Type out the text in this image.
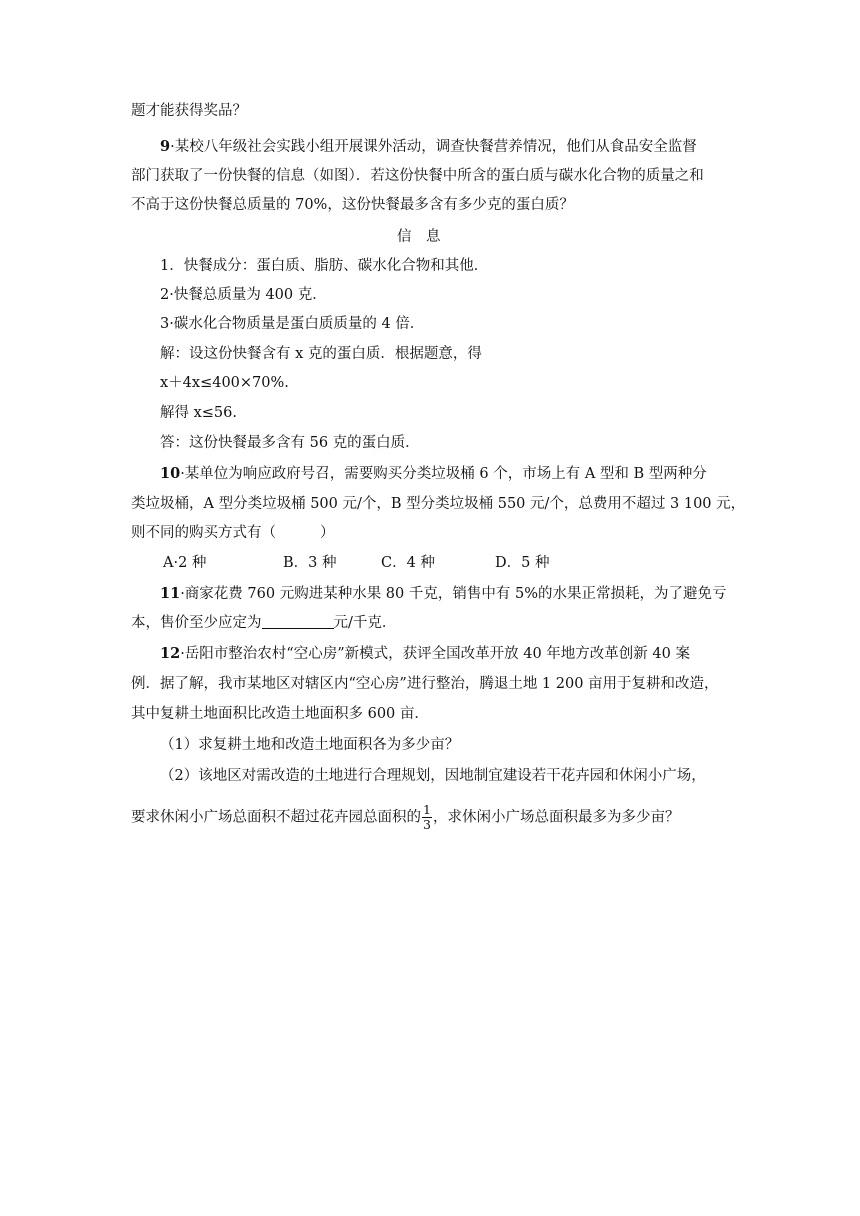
题才能获得奖品？
9·某校八年级社会实践小组开展课外活动，调查快餐营养情况，他们从食品安全监督
部门获取了一份快餐的信息（如图）．若这份快餐中所含的蛋白质与碳水化合物的质量之和
不高于这份快餐总质量的 70%，这份快餐最多含有多少克的蛋白质？
信　息
1．快餐成分：蛋白质、脂肪、碳水化合物和其他．
2·快餐总质量为 400 克．
3·碳水化合物质量是蛋白质质量的 4 倍．
解：设这份快餐含有 x 克的蛋白质．根据题意，得
x＋4x≤400×70%.
解得 x≤56.
答：这份快餐最多含有 56 克的蛋白质．
10·某单位为响应政府号召，需要购买分类垃圾桶 6 个，市场上有 A 型和 B 型两种分
类垃圾桶，A 型分类垃圾桶 500 元/个，B 型分类垃圾桶 550 元/个，总费用不超过 3 100 元，
则不同的购买方式有（	）
A·2 种	B．3 种	C．4 种	D．5 种
11·商家花费 760 元购进某种水果 80 千克，销售中有 5%的水果正常损耗，为了避免亏
本，售价至少应定为	元/千克．
12·岳阳市整治农村“空心房”新模式，获评全国改革开放 40 年地方改革创新 40 案
例．据了解，我市某地区对辖区内“空心房”进行整治，腾退土地 1 200 亩用于复耕和改造，
其中复耕土地面积比改造土地面积多 600 亩．
（1）求复耕土地和改造土地面积各为多少亩？
（2）该地区对需改造的土地进行合理规划，因地制宜建设若干花卉园和休闲小广场，
要求休闲小广场总面积不超过花卉园总面积的 $\frac{1}{3}$ ，求休闲小广场总面积最多为多少亩？
